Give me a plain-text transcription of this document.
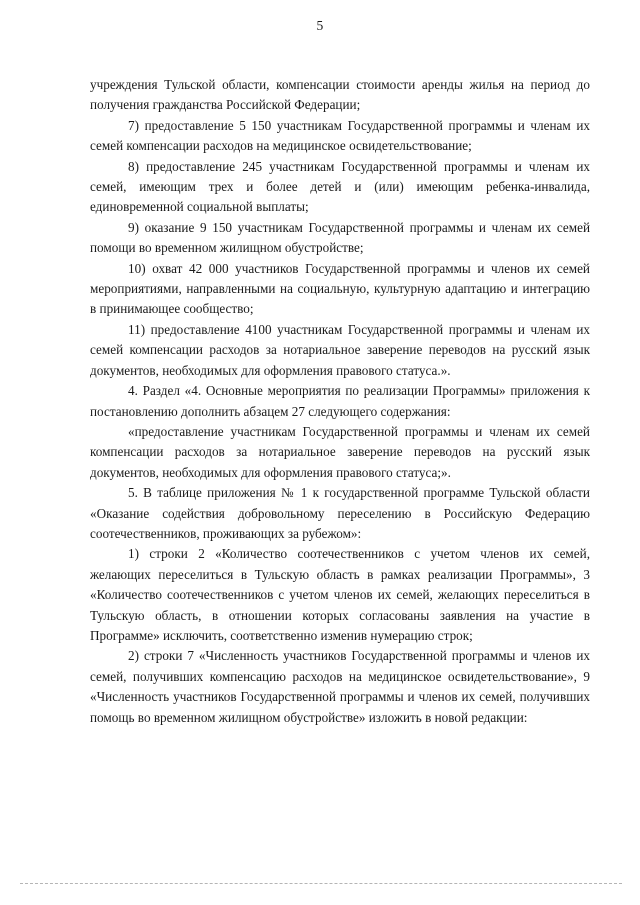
5

учреждения Тульской области, компенсации стоимости аренды жилья на период до получения гражданства Российской Федерации;

7) предоставление 5 150 участникам Государственной программы и членам их семей компенсации расходов на медицинское освидетельствование;

8) предоставление 245 участникам Государственной программы и членам их семей, имеющим трех и более детей и (или) имеющим ребенка-инвалида, единовременной социальной выплаты;

9) оказание 9 150 участникам Государственной программы и членам их семей помощи во временном жилищном обустройстве;

10) охват 42 000 участников Государственной программы и членов их семей мероприятиями, направленными на социальную, культурную адаптацию и интеграцию в принимающее сообщество;

11) предоставление 4100 участникам Государственной программы и членам их семей компенсации расходов за нотариальное заверение переводов на русский язык документов, необходимых для оформления правового статуса.».

4. Раздел «4. Основные мероприятия по реализации Программы» приложения к постановлению дополнить абзацем 27 следующего содержания:

«предоставление участникам Государственной программы и членам их семей компенсации расходов за нотариальное заверение переводов на русский язык документов, необходимых для оформления правового статуса;».

5. В таблице приложения № 1 к государственной программе Тульской области «Оказание содействия добровольному переселению в Российскую Федерацию соотечественников, проживающих за рубежом»:

1) строки 2 «Количество соотечественников с учетом членов их семей, желающих переселиться в Тульскую область в рамках реализации Программы», 3 «Количество соотечественников с учетом членов их семей, желающих переселиться в Тульскую область, в отношении которых согласованы заявления на участие в Программе» исключить, соответственно изменив нумерацию строк;

2) строки 7 «Численность участников Государственной программы и членов их семей, получивших компенсацию расходов на медицинское освидетельствование», 9 «Численность участников Государственной программы и членов их семей, получивших помощь во временном жилищном обустройстве» изложить в новой редакции:
